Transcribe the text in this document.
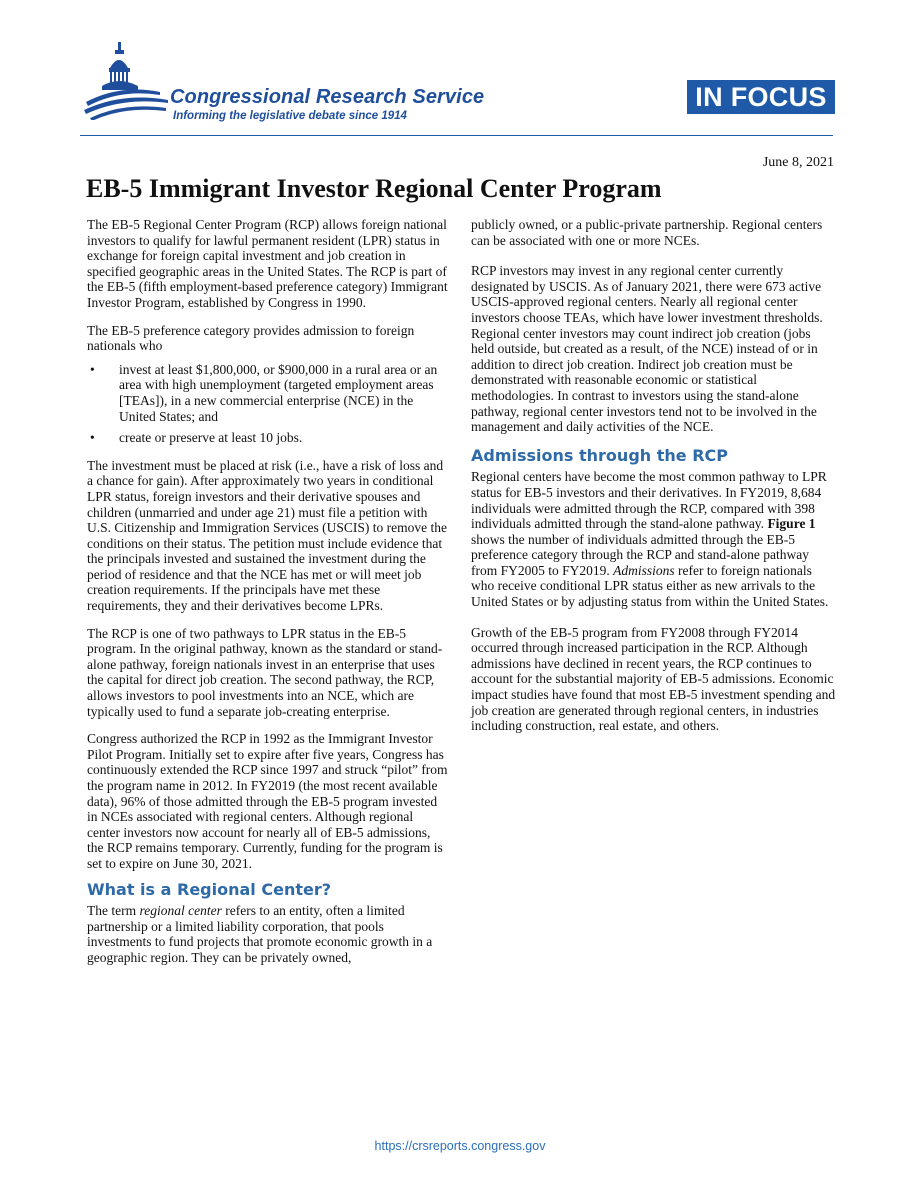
Congressional Research Service
Informing the legislative debate since 1914
IN FOCUS
June 8, 2021
EB-5 Immigrant Investor Regional Center Program

The EB-5 Regional Center Program (RCP) allows foreign national investors to qualify for lawful permanent resident (LPR) status in exchange for foreign capital investment and job creation in specified geographic areas in the United States. The RCP is part of the EB-5 (fifth employment-based preference category) Immigrant Investor Program, established by Congress in 1990.

The EB-5 preference category provides admission to foreign nationals who

• invest at least $1,800,000, or $900,000 in a rural area or an area with high unemployment (targeted employment areas [TEAs]), in a new commercial enterprise (NCE) in the United States; and
• create or preserve at least 10 jobs.

The investment must be placed at risk (i.e., have a risk of loss and a chance for gain). After approximately two years in conditional LPR status, foreign investors and their derivative spouses and children (unmarried and under age 21) must file a petition with U.S. Citizenship and Immigration Services (USCIS) to remove the conditions on their status. The petition must include evidence that the principals invested and sustained the investment during the period of residence and that the NCE has met or will meet job creation requirements. If the principals have met these requirements, they and their derivatives become LPRs.

The RCP is one of two pathways to LPR status in the EB-5 program. In the original pathway, known as the standard or stand-alone pathway, foreign nationals invest in an enterprise that uses the capital for direct job creation. The second pathway, the RCP, allows investors to pool investments into an NCE, which are typically used to fund a separate job-creating enterprise.

Congress authorized the RCP in 1992 as the Immigrant Investor Pilot Program. Initially set to expire after five years, Congress has continuously extended the RCP since 1997 and struck “pilot” from the program name in 2012. In FY2019 (the most recent available data), 96% of those admitted through the EB-5 program invested in NCEs associated with regional centers. Although regional center investors now account for nearly all of EB-5 admissions, the RCP remains temporary. Currently, funding for the program is set to expire on June 30, 2021.

What is a Regional Center?

The term regional center refers to an entity, often a limited partnership or a limited liability corporation, that pools investments to fund projects that promote economic growth in a geographic region. They can be privately owned,

publicly owned, or a public-private partnership. Regional centers can be associated with one or more NCEs.

RCP investors may invest in any regional center currently designated by USCIS. As of January 2021, there were 673 active USCIS-approved regional centers. Nearly all regional center investors choose TEAs, which have lower investment thresholds. Regional center investors may count indirect job creation (jobs held outside, but created as a result, of the NCE) instead of or in addition to direct job creation. Indirect job creation must be demonstrated with reasonable economic or statistical methodologies. In contrast to investors using the stand-alone pathway, regional center investors tend not to be involved in the management and daily activities of the NCE.

Admissions through the RCP

Regional centers have become the most common pathway to LPR status for EB-5 investors and their derivatives. In FY2019, 8,684 individuals were admitted through the RCP, compared with 398 individuals admitted through the stand-alone pathway. Figure 1 shows the number of individuals admitted through the EB-5 preference category through the RCP and stand-alone pathway from FY2005 to FY2019. Admissions refer to foreign nationals who receive conditional LPR status either as new arrivals to the United States or by adjusting status from within the United States.

Growth of the EB-5 program from FY2008 through FY2014 occurred through increased participation in the RCP. Although admissions have declined in recent years, the RCP continues to account for the substantial majority of EB-5 admissions. Economic impact studies have found that most EB-5 investment spending and job creation are generated through regional centers, in industries including construction, real estate, and others.

https://crsreports.congress.gov
